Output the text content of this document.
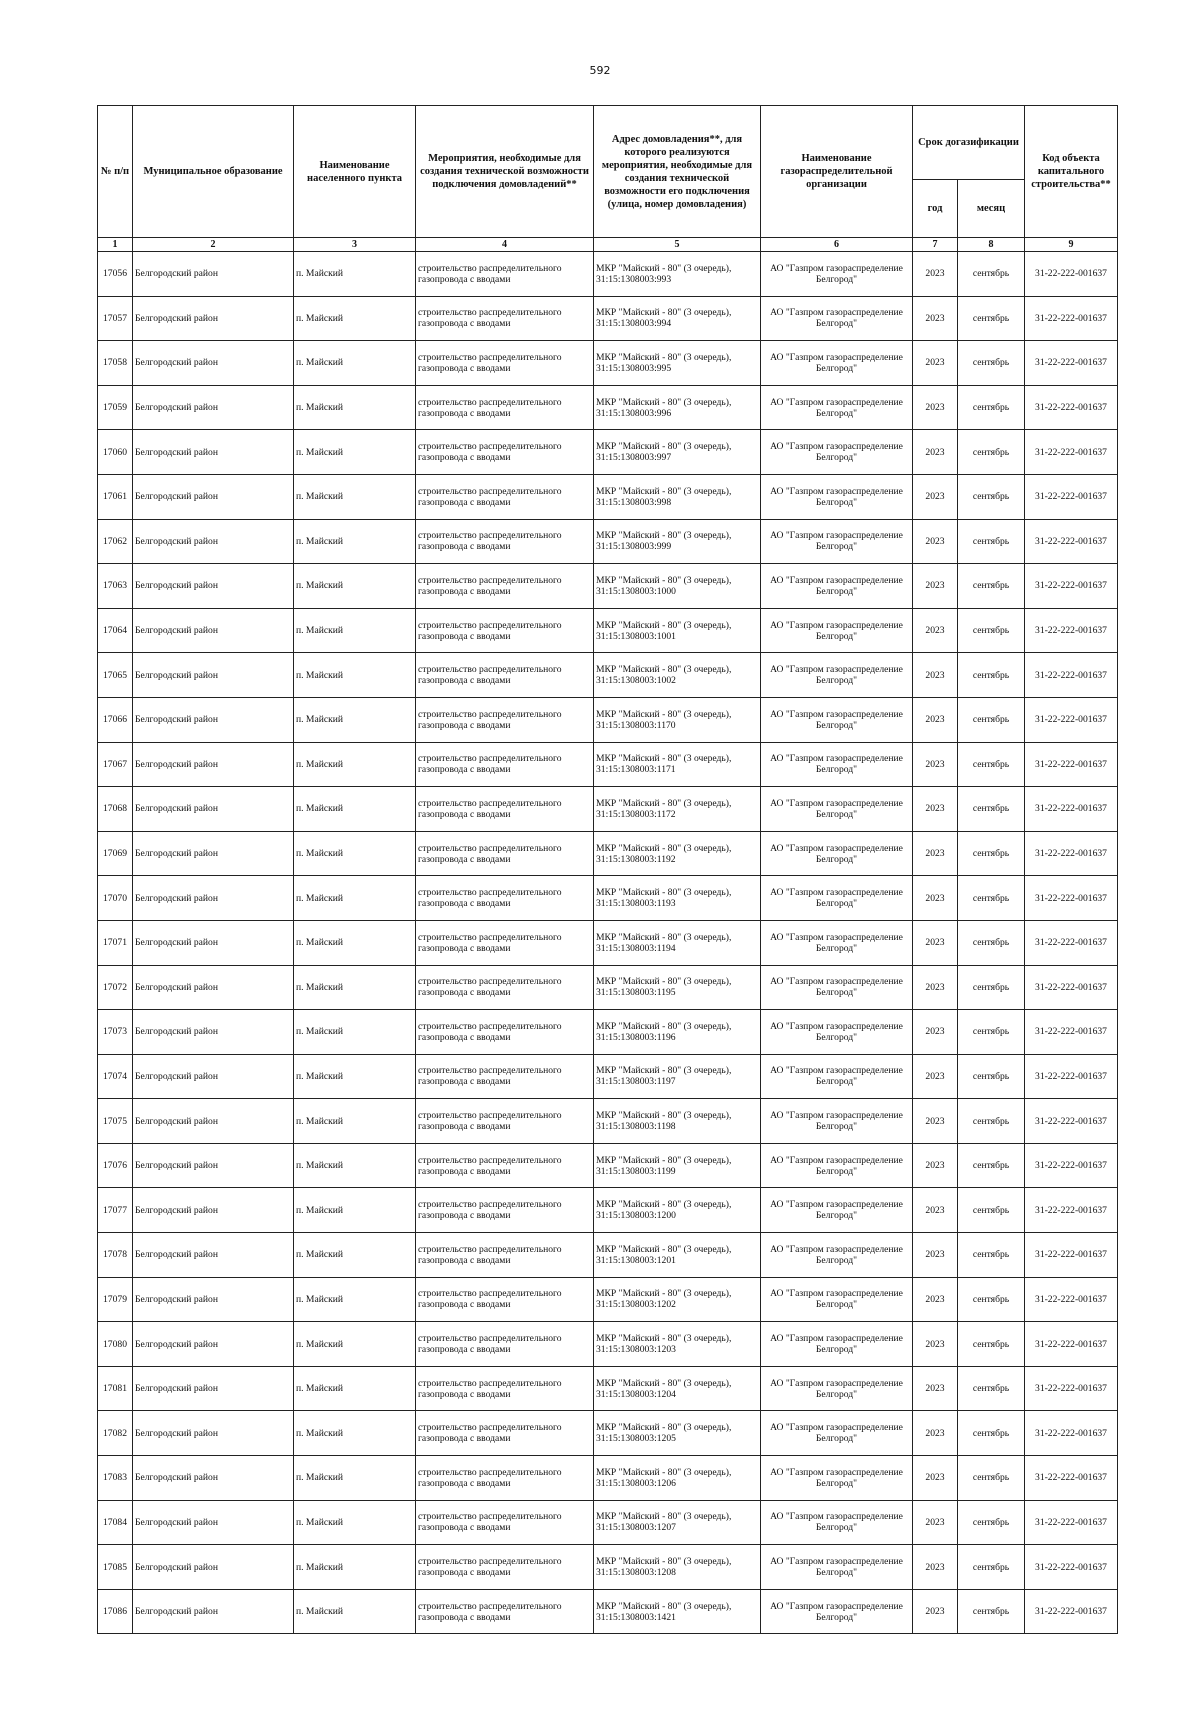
592
№ п/п	Муниципальное образование	Наименование населенного пункта	Мероприятия, необходимые для создания технической возможности подключения домовладений**	Адрес домовладения**, для которого реализуются мероприятия, необходимые для создания технической возможности его подключения (улица, номер домовладения)	Наименование газораспределительной организации	Срок догазификации		Код объекта капитального строительства**
						год	месяц	
1	2	3	4	5	6	7	8	9
17056	Белгородский район	п. Майский	строительство распределительного газопровода с вводами	МКР "Майский - 80" (3 очередь), 31:15:1308003:993	АО "Газпром газораспределение Белгород"	2023	сентябрь	31-22-222-001637
17057	Белгородский район	п. Майский	строительство распределительного газопровода с вводами	МКР "Майский - 80" (3 очередь), 31:15:1308003:994	АО "Газпром газораспределение Белгород"	2023	сентябрь	31-22-222-001637
17058	Белгородский район	п. Майский	строительство распределительного газопровода с вводами	МКР "Майский - 80" (3 очередь), 31:15:1308003:995	АО "Газпром газораспределение Белгород"	2023	сентябрь	31-22-222-001637
17059	Белгородский район	п. Майский	строительство распределительного газопровода с вводами	МКР "Майский - 80" (3 очередь), 31:15:1308003:996	АО "Газпром газораспределение Белгород"	2023	сентябрь	31-22-222-001637
17060	Белгородский район	п. Майский	строительство распределительного газопровода с вводами	МКР "Майский - 80" (3 очередь), 31:15:1308003:997	АО "Газпром газораспределение Белгород"	2023	сентябрь	31-22-222-001637
17061	Белгородский район	п. Майский	строительство распределительного газопровода с вводами	МКР "Майский - 80" (3 очередь), 31:15:1308003:998	АО "Газпром газораспределение Белгород"	2023	сентябрь	31-22-222-001637
17062	Белгородский район	п. Майский	строительство распределительного газопровода с вводами	МКР "Майский - 80" (3 очередь), 31:15:1308003:999	АО "Газпром газораспределение Белгород"	2023	сентябрь	31-22-222-001637
17063	Белгородский район	п. Майский	строительство распределительного газопровода с вводами	МКР "Майский - 80" (3 очередь), 31:15:1308003:1000	АО "Газпром газораспределение Белгород"	2023	сентябрь	31-22-222-001637
17064	Белгородский район	п. Майский	строительство распределительного газопровода с вводами	МКР "Майский - 80" (3 очередь), 31:15:1308003:1001	АО "Газпром газораспределение Белгород"	2023	сентябрь	31-22-222-001637
17065	Белгородский район	п. Майский	строительство распределительного газопровода с вводами	МКР "Майский - 80" (3 очередь), 31:15:1308003:1002	АО "Газпром газораспределение Белгород"	2023	сентябрь	31-22-222-001637
17066	Белгородский район	п. Майский	строительство распределительного газопровода с вводами	МКР "Майский - 80" (3 очередь), 31:15:1308003:1170	АО "Газпром газораспределение Белгород"	2023	сентябрь	31-22-222-001637
17067	Белгородский район	п. Майский	строительство распределительного газопровода с вводами	МКР "Майский - 80" (3 очередь), 31:15:1308003:1171	АО "Газпром газораспределение Белгород"	2023	сентябрь	31-22-222-001637
17068	Белгородский район	п. Майский	строительство распределительного газопровода с вводами	МКР "Майский - 80" (3 очередь), 31:15:1308003:1172	АО "Газпром газораспределение Белгород"	2023	сентябрь	31-22-222-001637
17069	Белгородский район	п. Майский	строительство распределительного газопровода с вводами	МКР "Майский - 80" (3 очередь), 31:15:1308003:1192	АО "Газпром газораспределение Белгород"	2023	сентябрь	31-22-222-001637
17070	Белгородский район	п. Майский	строительство распределительного газопровода с вводами	МКР "Майский - 80" (3 очередь), 31:15:1308003:1193	АО "Газпром газораспределение Белгород"	2023	сентябрь	31-22-222-001637
17071	Белгородский район	п. Майский	строительство распределительного газопровода с вводами	МКР "Майский - 80" (3 очередь), 31:15:1308003:1194	АО "Газпром газораспределение Белгород"	2023	сентябрь	31-22-222-001637
17072	Белгородский район	п. Майский	строительство распределительного газопровода с вводами	МКР "Майский - 80" (3 очередь), 31:15:1308003:1195	АО "Газпром газораспределение Белгород"	2023	сентябрь	31-22-222-001637
17073	Белгородский район	п. Майский	строительство распределительного газопровода с вводами	МКР "Майский - 80" (3 очередь), 31:15:1308003:1196	АО "Газпром газораспределение Белгород"	2023	сентябрь	31-22-222-001637
17074	Белгородский район	п. Майский	строительство распределительного газопровода с вводами	МКР "Майский - 80" (3 очередь), 31:15:1308003:1197	АО "Газпром газораспределение Белгород"	2023	сентябрь	31-22-222-001637
17075	Белгородский район	п. Майский	строительство распределительного газопровода с вводами	МКР "Майский - 80" (3 очередь), 31:15:1308003:1198	АО "Газпром газораспределение Белгород"	2023	сентябрь	31-22-222-001637
17076	Белгородский район	п. Майский	строительство распределительного газопровода с вводами	МКР "Майский - 80" (3 очередь), 31:15:1308003:1199	АО "Газпром газораспределение Белгород"	2023	сентябрь	31-22-222-001637
17077	Белгородский район	п. Майский	строительство распределительного газопровода с вводами	МКР "Майский - 80" (3 очередь), 31:15:1308003:1200	АО "Газпром газораспределение Белгород"	2023	сентябрь	31-22-222-001637
17078	Белгородский район	п. Майский	строительство распределительного газопровода с вводами	МКР "Майский - 80" (3 очередь), 31:15:1308003:1201	АО "Газпром газораспределение Белгород"	2023	сентябрь	31-22-222-001637
17079	Белгородский район	п. Майский	строительство распределительного газопровода с вводами	МКР "Майский - 80" (3 очередь), 31:15:1308003:1202	АО "Газпром газораспределение Белгород"	2023	сентябрь	31-22-222-001637
17080	Белгородский район	п. Майский	строительство распределительного газопровода с вводами	МКР "Майский - 80" (3 очередь), 31:15:1308003:1203	АО "Газпром газораспределение Белгород"	2023	сентябрь	31-22-222-001637
17081	Белгородский район	п. Майский	строительство распределительного газопровода с вводами	МКР "Майский - 80" (3 очередь), 31:15:1308003:1204	АО "Газпром газораспределение Белгород"	2023	сентябрь	31-22-222-001637
17082	Белгородский район	п. Майский	строительство распределительного газопровода с вводами	МКР "Майский - 80" (3 очередь), 31:15:1308003:1205	АО "Газпром газораспределение Белгород"	2023	сентябрь	31-22-222-001637
17083	Белгородский район	п. Майский	строительство распределительного газопровода с вводами	МКР "Майский - 80" (3 очередь), 31:15:1308003:1206	АО "Газпром газораспределение Белгород"	2023	сентябрь	31-22-222-001637
17084	Белгородский район	п. Майский	строительство распределительного газопровода с вводами	МКР "Майский - 80" (3 очередь), 31:15:1308003:1207	АО "Газпром газораспределение Белгород"	2023	сентябрь	31-22-222-001637
17085	Белгородский район	п. Майский	строительство распределительного газопровода с вводами	МКР "Майский - 80" (3 очередь), 31:15:1308003:1208	АО "Газпром газораспределение Белгород"	2023	сентябрь	31-22-222-001637
17086	Белгородский район	п. Майский	строительство распределительного газопровода с вводами	МКР "Майский - 80" (3 очередь), 31:15:1308003:1421	АО "Газпром газораспределение Белгород"	2023	сентябрь	31-22-222-001637
